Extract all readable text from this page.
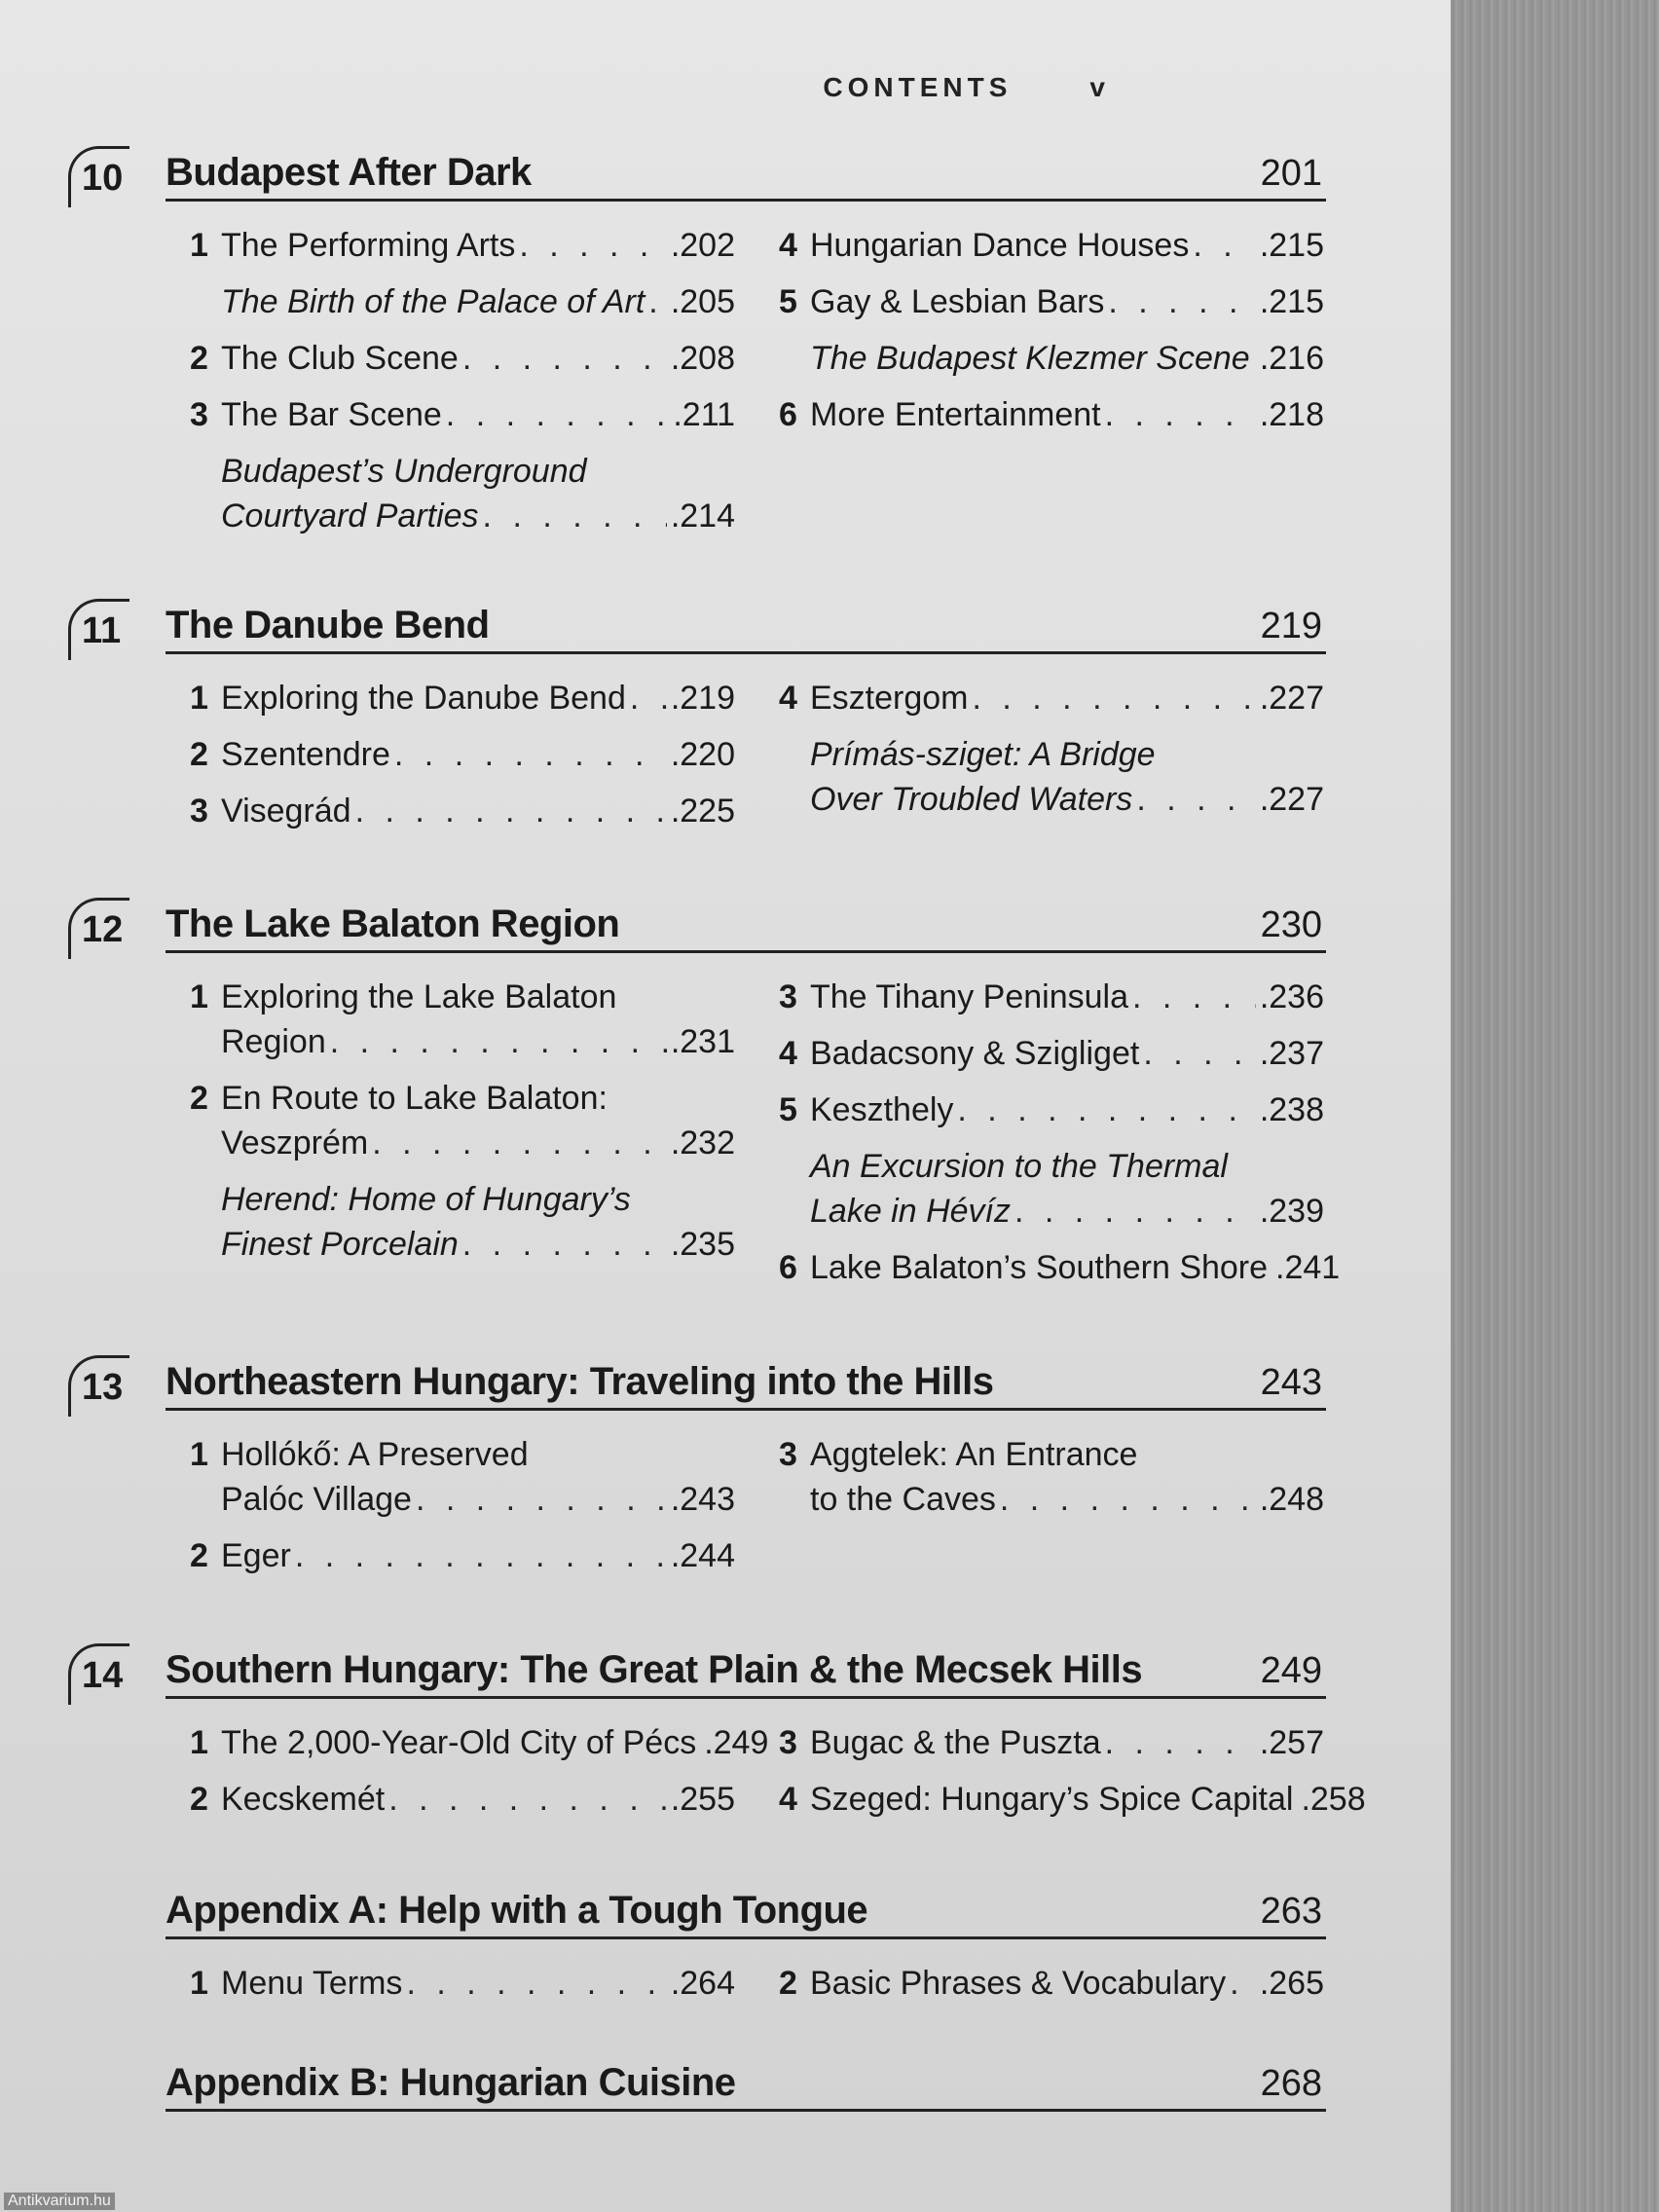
CONTENTS	v
10 Budapest After Dark	201
1 The Performing Arts . . .	.202
The Birth of the Palace of Art . . . .205
2 The Club Scene . . .	.208
3 The Bar Scene . . .	.211
Budapest’s Underground
Courtyard Parties . . .	.214
4 Hungarian Dance Houses . . . .215
5 Gay & Lesbian Bars . . .	.215
The Budapest Klezmer Scene . . . .216
6 More Entertainment . . .	.218
11 The Danube Bend	219
1 Exploring the Danube Bend . . . .219
2 Szentendre . . .	.220
3 Visegrád . . .	.225
4 Esztergom . . .	.227
Prímás-sziget: A Bridge
Over Troubled Waters . . .	.227
12 The Lake Balaton Region	230
1 Exploring the Lake Balaton
Region . . .	.231
2 En Route to Lake Balaton:
Veszprém . . .	.232
Herend: Home of Hungary’s
Finest Porcelain . . .	.235
3 The Tihany Peninsula . . .	.236
4 Badacsony & Szigliget . . .	.237
5 Keszthely . . .	.238
An Excursion to the Thermal
Lake in Hévíz . . .	.239
6 Lake Balaton’s Southern Shore .241
13 Northeastern Hungary: Traveling into the Hills	243
1 Hollókő: A Preserved
Palóc Village . . .	.243
2 Eger . . .	.244
3 Aggtelek: An Entrance
to the Caves . . .	.248
14 Southern Hungary: The Great Plain & the Mecsek Hills	249
1 The 2,000-Year-Old City of Pécs .249
2 Kecskemét . . .	.255
3 Bugac & the Puszta . . .	.257
4 Szeged: Hungary’s Spice Capital .258
Appendix A: Help with a Tough Tongue	263
1 Menu Terms . . .	.264 2 Basic Phrases & Vocabulary . . . .265
Appendix B: Hungarian Cuisine	268
Antikvarium.hu
